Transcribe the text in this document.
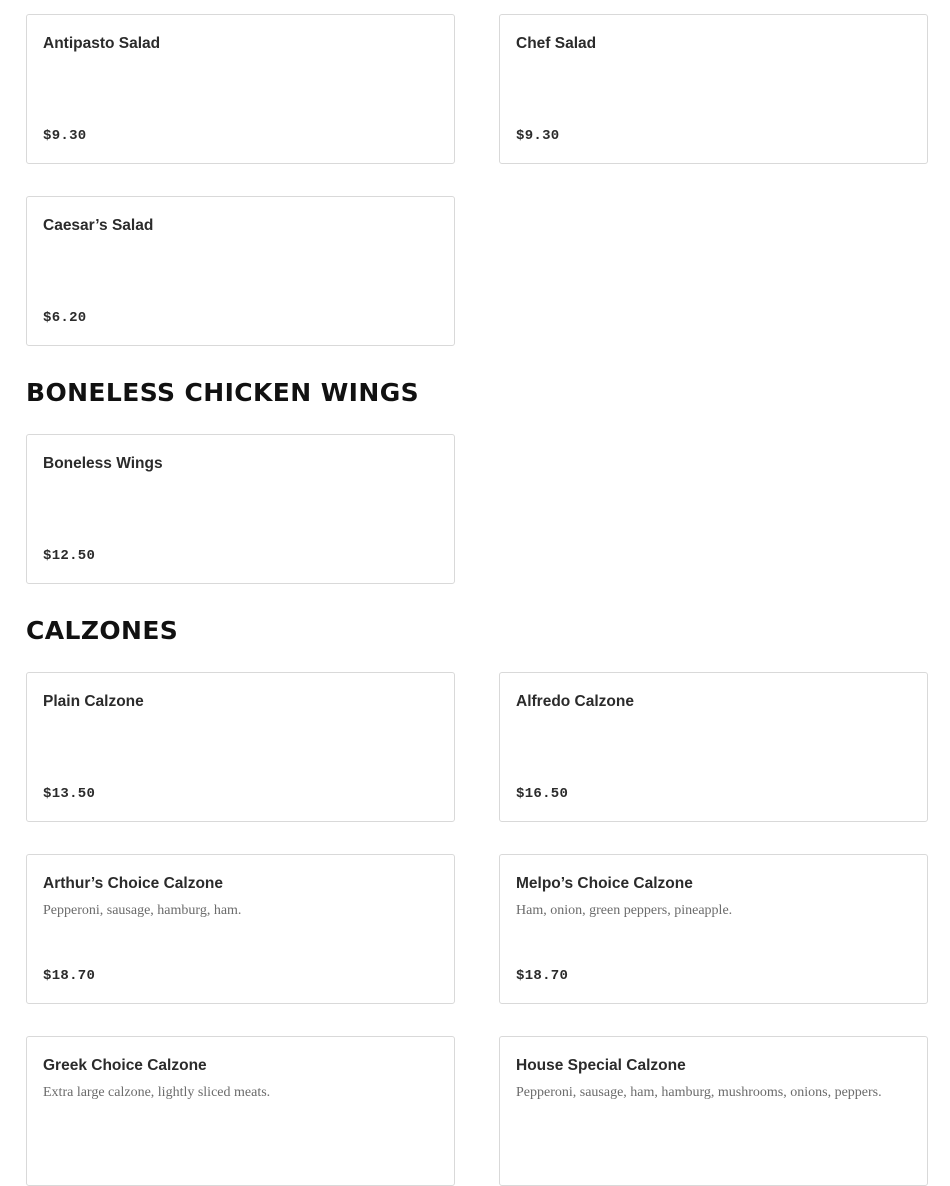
Antipasto Salad
$9.30
Chef Salad
$9.30
Caesar’s Salad
$6.20
BONELESS CHICKEN WINGS
Boneless Wings
$12.50
CALZONES
Plain Calzone
$13.50
Alfredo Calzone
$16.50
Arthur’s Choice Calzone
Pepperoni, sausage, hamburg, ham.
$18.70
Melpo’s Choice Calzone
Ham, onion, green peppers, pineapple.
$18.70
Greek Choice Calzone
Extra large calzone, lightly sliced meats.
House Special Calzone
Pepperoni, sausage, ham, hamburg, mushrooms, onions, peppers.
